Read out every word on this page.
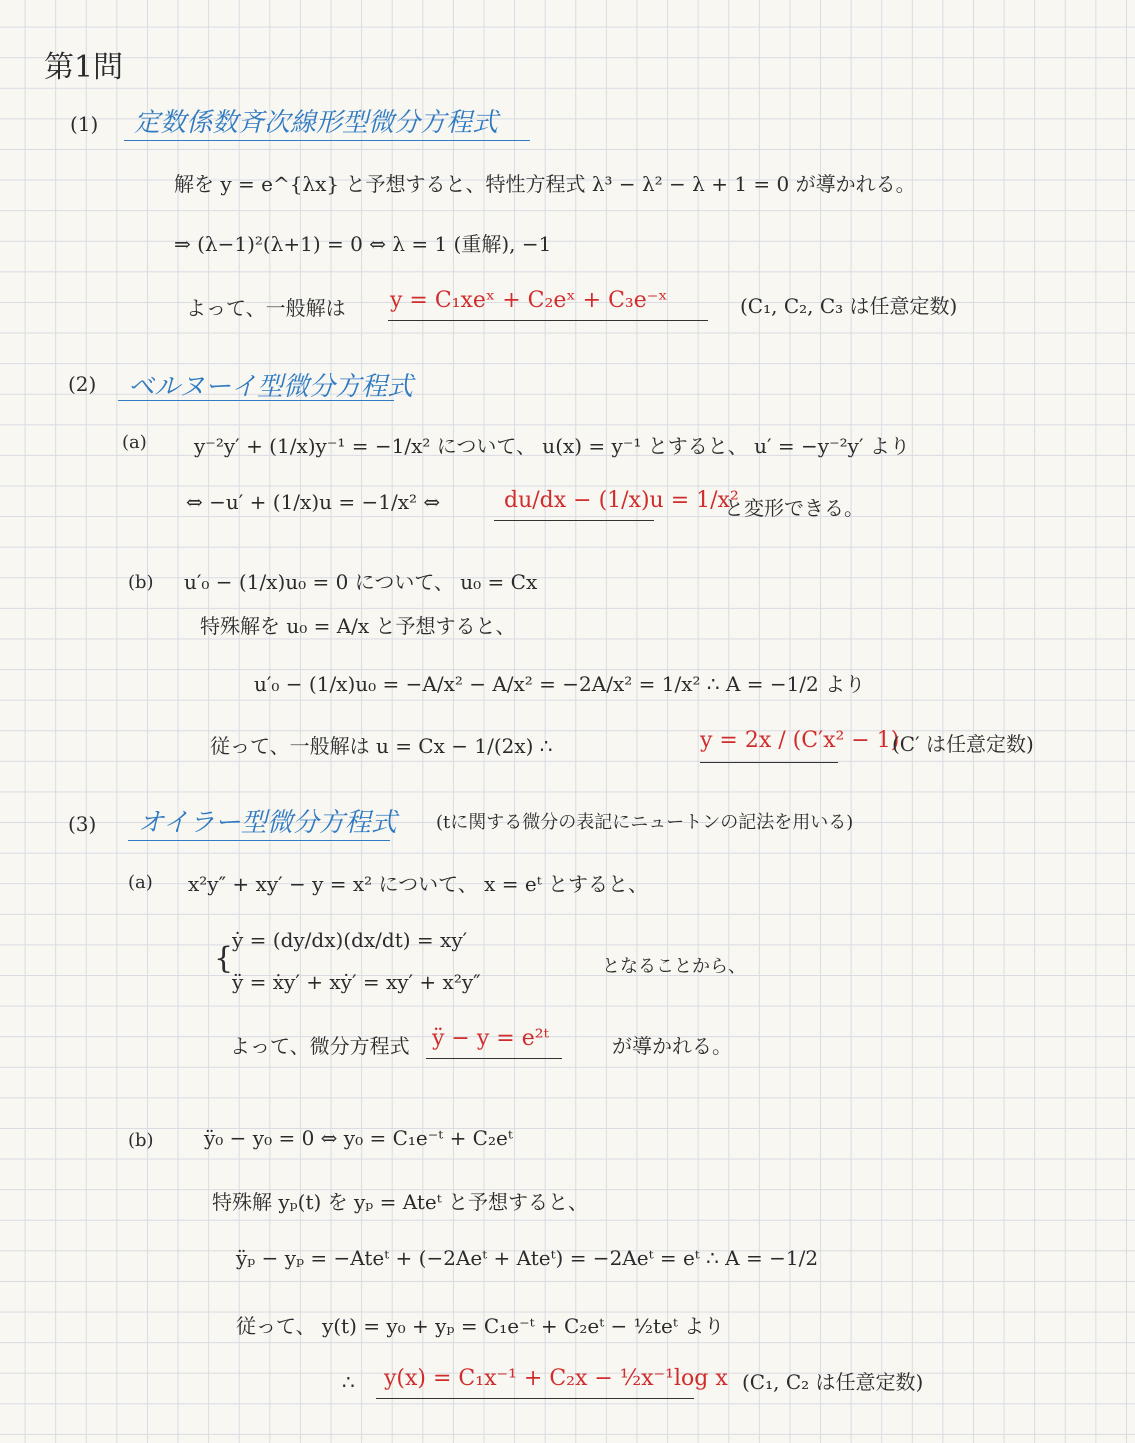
第1問
(1) 定数係数斉次線形型微分方程式
解を y = e^{λx} と予想すると、特性方程式 λ³ − λ² − λ + 1 = 0 が導かれる。
⇒ (λ−1)²(λ+1) = 0 ⇔ λ = 1 (重解), −1
よって、一般解は y = C₁xeˣ + C₂eˣ + C₃e⁻ˣ	(C₁, C₂, C₃ は任意定数)
(2) ベルヌーイ型微分方程式
(a) y⁻²y′ + (1/x)y⁻¹ = −1/x² について、 u(x) = y⁻¹ とすると、 u′ = −y⁻²y′ より
⇔ −u′ + (1/x)u = −1/x² ⇔	du/dx − (1/x)u = 1/x²
と変形できる。
(b) u′₀ − (1/x)u₀ = 0 について、 u₀ = Cx
特殊解を u₀ = A/x と予想すると、
u′₀ − (1/x)u₀ = −A/x² − A/x² = −2A/x² = 1/x² ∴ A = −1/2 より
従って、一般解は u = Cx − 1/(2x) ∴	y = 2x / (C′x² − 1)
(C′ は任意定数)
(3) オイラー型微分方程式 (tに関する微分の表記にニュートンの記法を用いる)
(a) x²y″ + xy′ − y = x² について、 x = eᵗ とすると、
{
ẏ = (dy/dx)(dx/dt) = xy′
ÿ = ẋy′ + xẏ′ = xy′ + x²y″
となることから、
よって、微分方程式 ÿ − y = e²ᵗ	が導かれる。
(b)	ÿ₀ − y₀ = 0 ⇔ y₀ = C₁e⁻ᵗ + C₂eᵗ
特殊解 yₚ(t) を yₚ = Ateᵗ と予想すると、
ÿₚ − yₚ = −Ateᵗ + (−2Aeᵗ + Ateᵗ) = −2Aeᵗ = eᵗ ∴ A = −1/2
従って、 y(t) = y₀ + yₚ = C₁e⁻ᵗ + C₂eᵗ − ½teᵗ より
∴ y(x) = C₁x⁻¹ + C₂x − ½x⁻¹log x (C₁, C₂ は任意定数)
